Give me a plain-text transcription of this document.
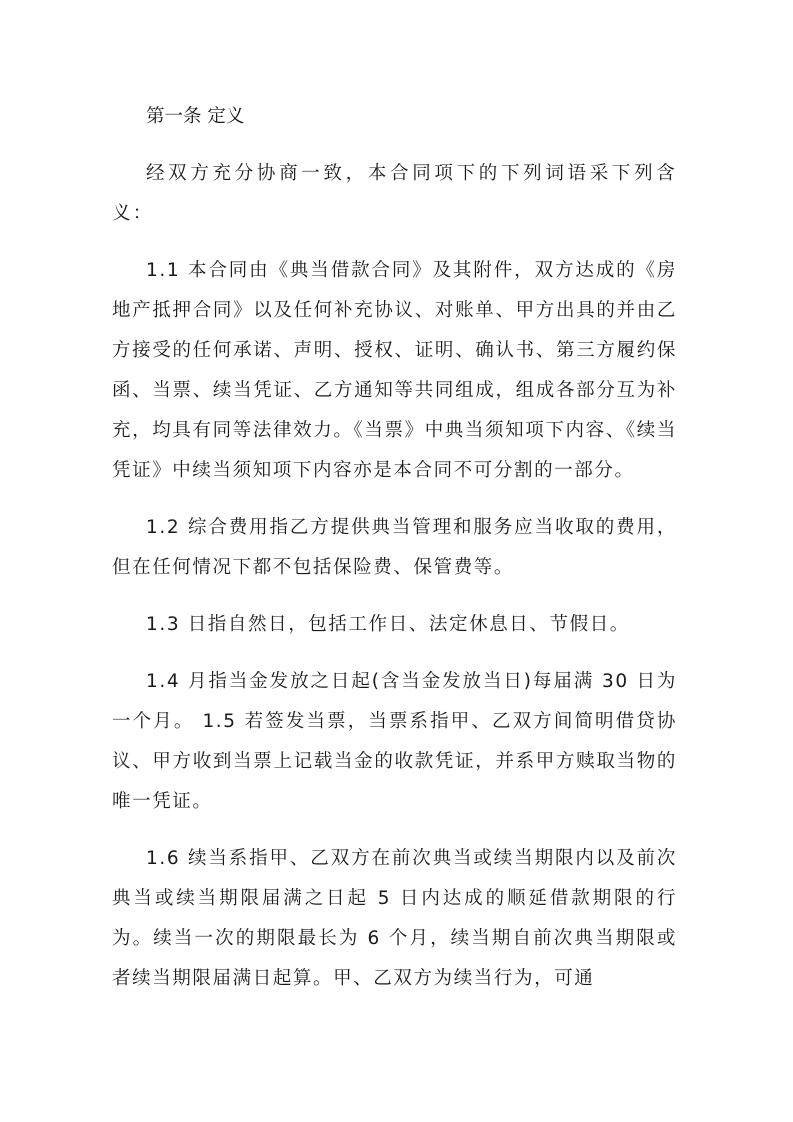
第一条 定义

经双方充分协商一致，本合同项下的下列词语采下列含义：

1.1 本合同由《典当借款合同》及其附件，双方达成的《房地产抵押合同》以及任何补充协议、对账单、甲方出具的并由乙方接受的任何承诺、声明、授权、证明、确认书、第三方履约保函、当票、续当凭证、乙方通知等共同组成，组成各部分互为补充，均具有同等法律效力。《当票》中典当须知项下内容、《续当凭证》中续当须知项下内容亦是本合同不可分割的一部分。

1.2 综合费用指乙方提供典当管理和服务应当收取的费用，但在任何情况下都不包括保险费、保管费等。

1.3 日指自然日，包括工作日、法定休息日、节假日。

1.4 月指当金发放之日起(含当金发放当日)每届满 30 日为一个月。 1.5 若签发当票，当票系指甲、乙双方间简明借贷协议、甲方收到当票上记载当金的收款凭证，并系甲方赎取当物的唯一凭证。

1.6 续当系指甲、乙双方在前次典当或续当期限内以及前次典当或续当期限届满之日起 5 日内达成的顺延借款期限的行为。续当一次的期限最长为 6 个月，续当期自前次典当期限或者续当期限届满日起算。甲、乙双方为续当行为，可通
